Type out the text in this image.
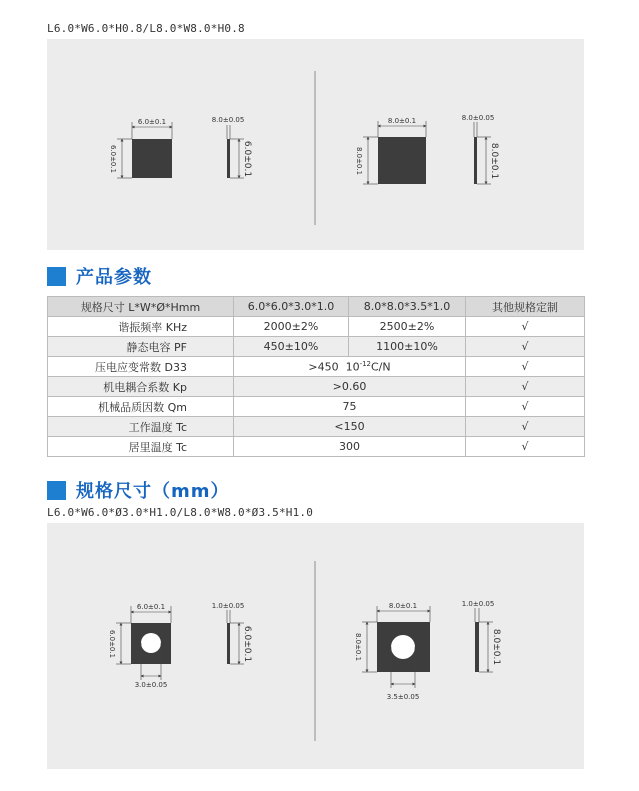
L6.0*W6.0*H0.8/L8.0*W8.0*H0.8
6.0±0.1
6.0±0.1
8.0±0.05
6.0±0.1
8.0±0.1
8.0±0.1
8.0±0.05
8.0±0.1
产品参数
规格尺寸 L*W*Ø*Hmm	6.0*6.0*3.0*1.0	8.0*8.0*3.5*1.0	其他规格定制
谐振频率 KHz	2000±2%	2500±2%	√
静态电容 PF	450±10%	1100±10%	√
压电应变常数 D33	>450  $10^{-12}C/N$		√
机电耦合系数 Kp	>0.60		√
机械品质因数 Qm	75		√
工作温度 Tc	<150		√
居里温度 Tc	300		√
规格尺寸（mm）
L6.0*W6.0*Ø3.0*H1.0/L8.0*W8.0*Ø3.5*H1.0
6.0±0.1
6.0±0.1
3.0±0.05
1.0±0.05
6.0±0.1
8.0±0.1
8.0±0.1
3.5±0.05
1.0±0.05
8.0±0.1
